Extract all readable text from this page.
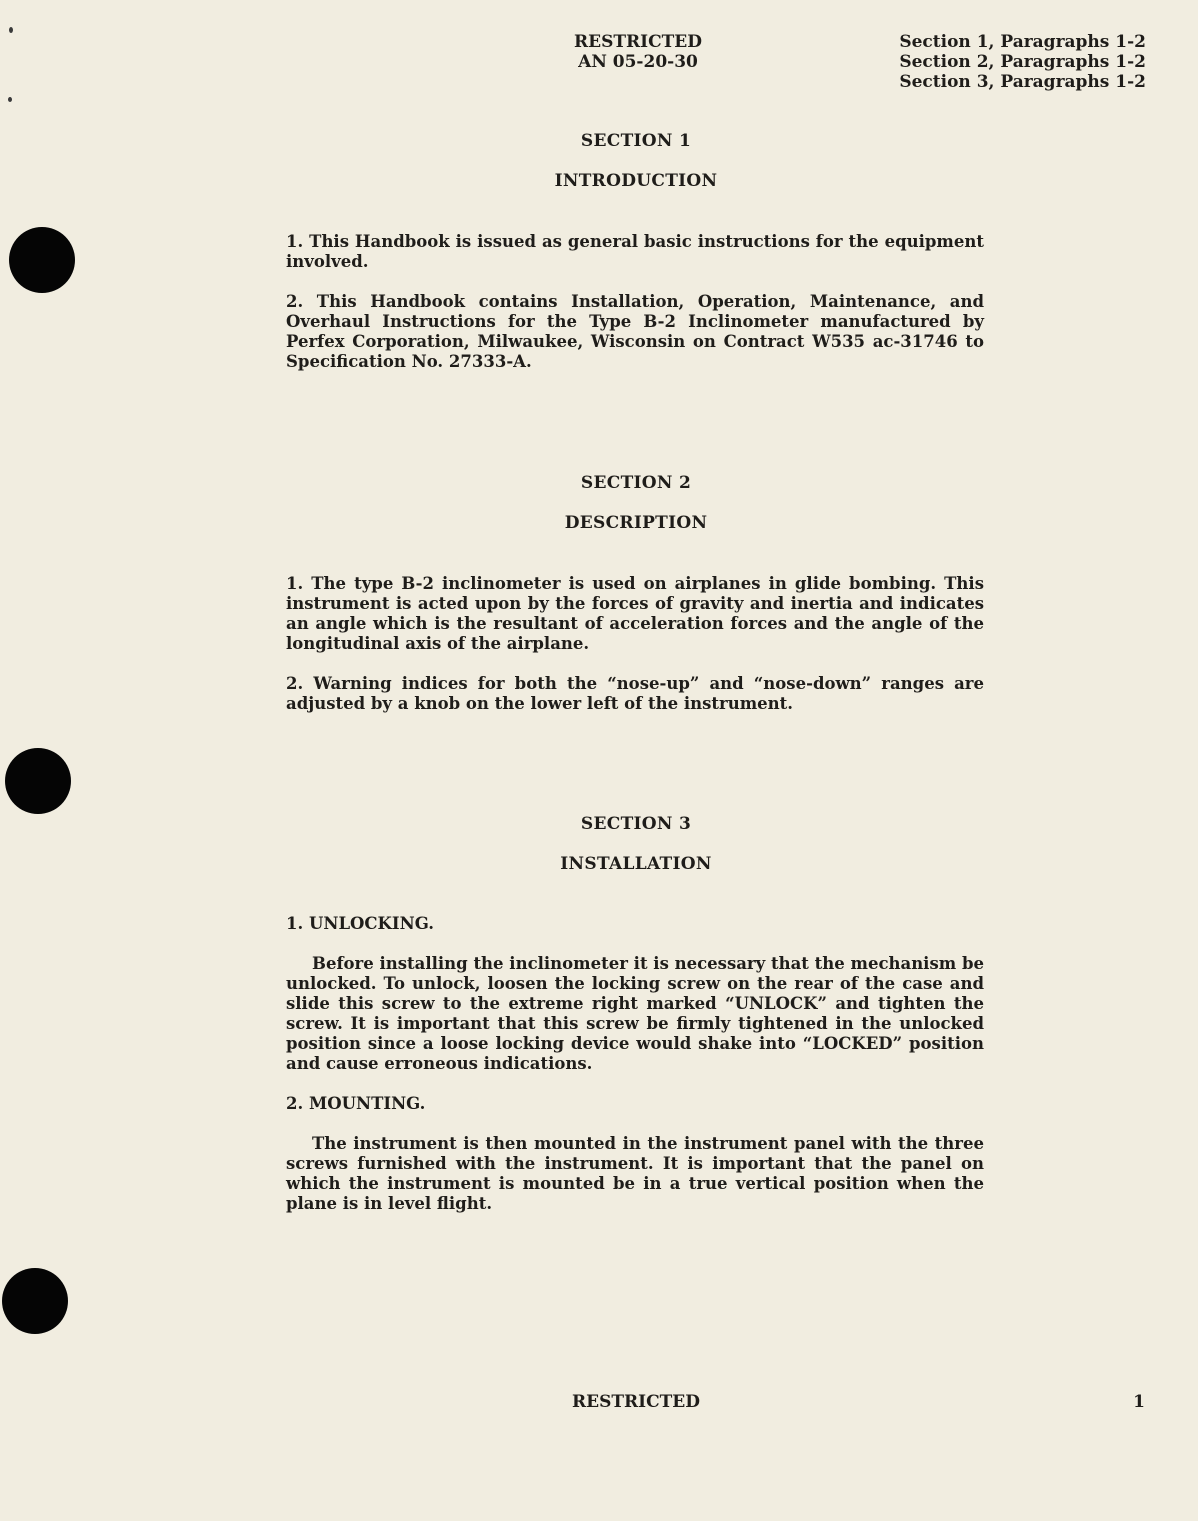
RESTRICTED
AN 05-20-30
Section 1, Paragraphs 1-2
Section 2, Paragraphs 1-2
Section 3, Paragraphs 1-2
SECTION 1
INTRODUCTION
1. This Handbook is issued as general basic instructions for the equipment involved.
2. This Handbook contains Installation, Operation, Maintenance, and Overhaul Instructions for the Type B-2 Inclinometer manufactured by Perfex Corporation, Milwaukee, Wisconsin on Contract W535 ac-31746 to Specification No. 27333-A.
SECTION 2
DESCRIPTION
1. The type B-2 inclinometer is used on airplanes in glide bombing. This instrument is acted upon by the forces of gravity and inertia and indicates an angle which is the resultant of acceleration forces and the angle of the longitudinal axis of the airplane.
2. Warning indices for both the “nose-up” and “nose-down” ranges are adjusted by a knob on the lower left of the instrument.
SECTION 3
INSTALLATION
1. UNLOCKING.
Before installing the inclinometer it is necessary that the mechanism be unlocked. To unlock, loosen the locking screw on the rear of the case and slide this screw to the extreme right marked “UNLOCK” and tighten the screw. It is important that this screw be firmly tightened in the unlocked position since a loose locking device would shake into “LOCKED” position and cause erroneous indications.
2. MOUNTING.
The instrument is then mounted in the instrument panel with the three screws furnished with the instrument. It is important that the panel on which the instrument is mounted be in a true vertical position when the plane is in level flight.
RESTRICTED	1
